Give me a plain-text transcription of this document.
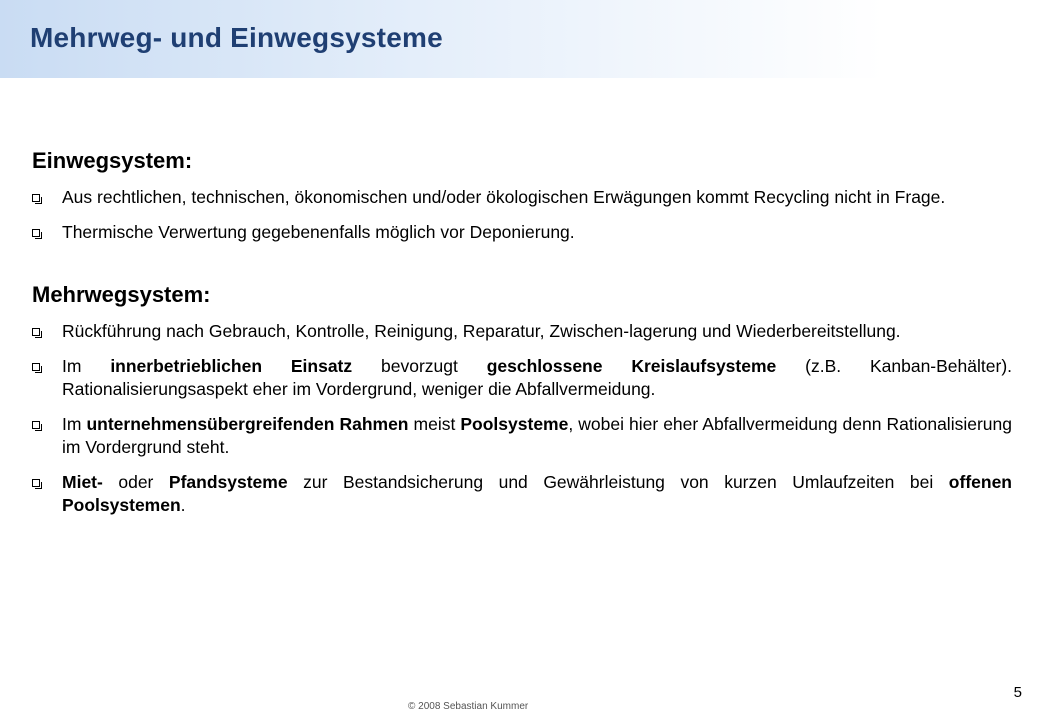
Mehrweg- und Einwegsysteme
Einwegsystem:
Aus rechtlichen, technischen, ökonomischen und/oder ökologischen Erwägungen kommt Recycling nicht in Frage.
Thermische Verwertung gegebenenfalls möglich vor Deponierung.
Mehrwegsystem:
Rückführung nach Gebrauch, Kontrolle, Reinigung, Reparatur, Zwischen-lagerung und Wiederbereitstellung.
Im innerbetrieblichen Einsatz bevorzugt geschlossene Kreislaufsysteme (z.B. Kanban-Behälter). Rationalisierungsaspekt eher im Vordergrund, weniger die Abfallvermeidung.
Im unternehmensübergreifenden Rahmen meist Poolsysteme, wobei hier eher Abfallvermeidung denn Rationalisierung im Vordergrund steht.
Miet- oder Pfandsysteme zur Bestandsicherung und Gewährleistung von kurzen Umlaufzeiten bei offenen Poolsystemen.
5
© 2008 Sebastian Kummer
